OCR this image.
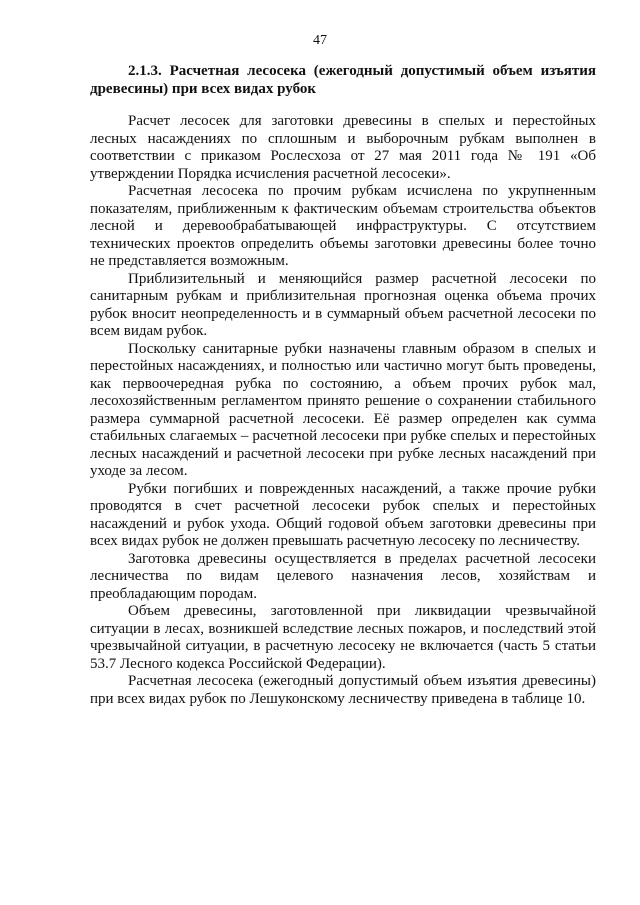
47

2.1.3. Расчетная лесосека (ежегодный допустимый объем изъятия древесины) при всех видах рубок

Расчет лесосек для заготовки древесины в спелых и перестойных лесных насаждениях по сплошным и выборочным рубкам выполнен в соответствии с приказом Рослесхоза от 27 мая 2011 года № 191 «Об утверждении Порядка исчисления расчетной лесосеки».

Расчетная лесосека по прочим рубкам исчислена по укрупненным показателям, приближенным к фактическим объемам строительства объектов лесной и деревообрабатывающей инфраструктуры. С отсутствием технических проектов определить объемы заготовки древесины более точно не представляется возможным.

Приблизительный и меняющийся размер расчетной лесосеки по санитарным рубкам и приблизительная прогнозная оценка объема прочих рубок вносит неопределенность и в суммарный объем расчетной лесосеки по всем видам рубок.

Поскольку санитарные рубки назначены главным образом в спелых и перестойных насаждениях, и полностью или частично могут быть проведены, как первоочередная рубка по состоянию, а объем прочих рубок мал, лесохозяйственным регламентом принято решение о сохранении стабильного размера суммарной расчетной лесосеки. Её размер определен как сумма стабильных слагаемых – расчетной лесосеки при рубке спелых и перестойных лесных насаждений и расчетной лесосеки при рубке лесных насаждений при уходе за лесом.

Рубки погибших и поврежденных насаждений, а также прочие рубки проводятся в счет расчетной лесосеки рубок спелых и перестойных насаждений и рубок ухода. Общий годовой объем заготовки древесины при всех видах рубок не должен превышать расчетную лесосеку по лесничеству.

Заготовка древесины осуществляется в пределах расчетной лесосеки лесничества по видам целевого назначения лесов, хозяйствам и преобладающим породам.

Объем древесины, заготовленной при ликвидации чрезвычайной ситуации в лесах, возникшей вследствие лесных пожаров, и последствий этой чрезвычайной ситуации, в расчетную лесосеку не включается (часть 5 статьи 53.7 Лесного кодекса Российской Федерации).

Расчетная лесосека (ежегодный допустимый объем изъятия древесины) при всех видах рубок по Лешуконскому лесничеству приведена в таблице 10.
